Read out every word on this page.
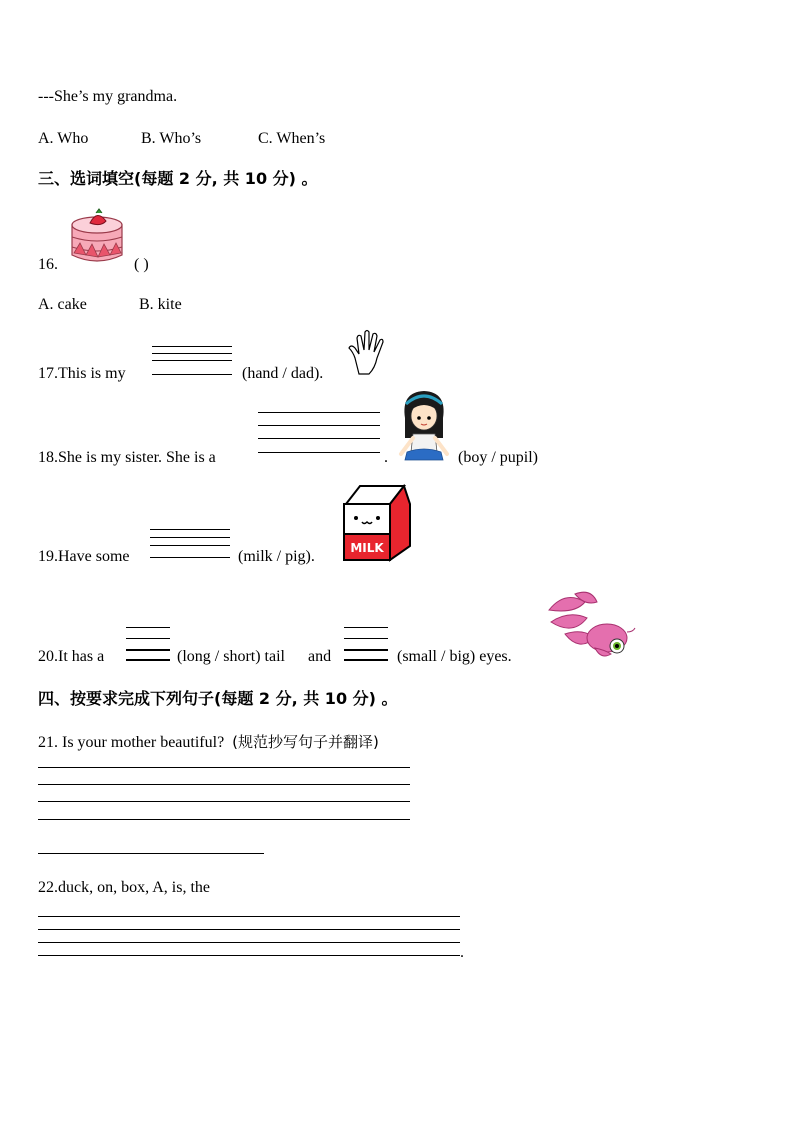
---She’s my grandma.
A. Who	B. Who’s	C. When’s
三、选词填空(每题 2 分, 共 10 分) 。
16.	( )
A. cake	B. kite
17.This is my	(hand / dad).
18.She is my sister. She is a	.	(boy / pupil)
19.Have some	(milk / pig).	MILK
20.It has a	(long / short) tail and	(small / big) eyes.
四、按要求完成下列句子(每题 2 分, 共 10 分) 。
21. Is your mother beautiful? (规范抄写句子并翻译)
22.duck, on, box, A, is, the
.
